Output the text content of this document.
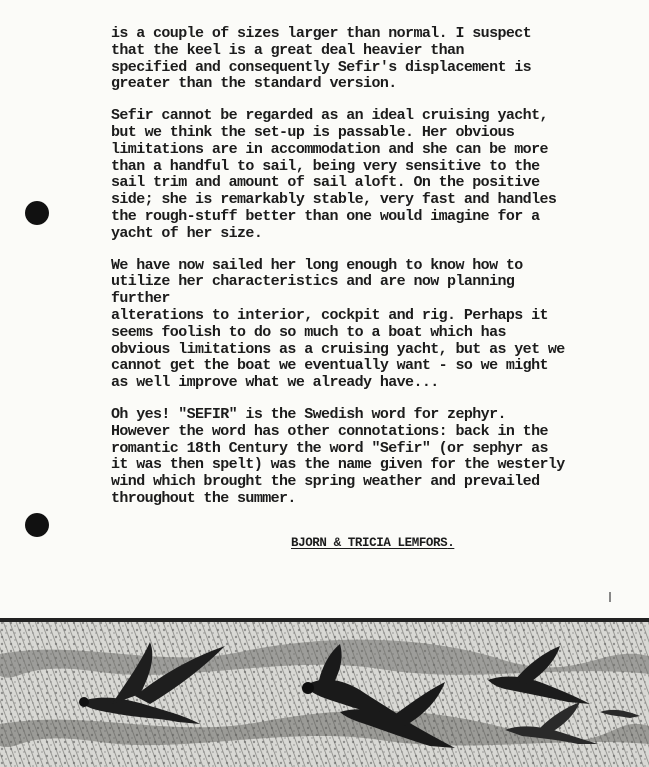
is a couple of sizes larger than normal. I suspect
that the keel is a great deal heavier than
specified and consequently Sefir's displacement is
greater than the standard version.

Sefir cannot be regarded as an ideal cruising yacht,
but we think the set-up is passable. Her obvious
limitations are in accommodation and she can be more
than a handful to sail, being very sensitive to the
sail trim and amount of sail aloft. On the positive
side; she is remarkably stable, very fast and handles
the rough-stuff better than one would imagine for a
yacht of her size.

We have now sailed her long enough to know how to
utilize her characteristics and are now planning further
alterations to interior, cockpit and rig. Perhaps it
seems foolish to do so much to a boat which has
obvious limitations as a cruising yacht, but as yet we
cannot get the boat we eventually want - so we might
as well improve what we already have...

Oh yes! "SEFIR" is the Swedish word for zephyr.
However the word has other connotations: back in the
romantic 18th Century the word "Sefir" (or sephyr as
it was then spelt) was the name given for the westerly
wind which brought the spring weather and prevailed
throughout the summer.

BJORN & TRICIA LEMFORS.
